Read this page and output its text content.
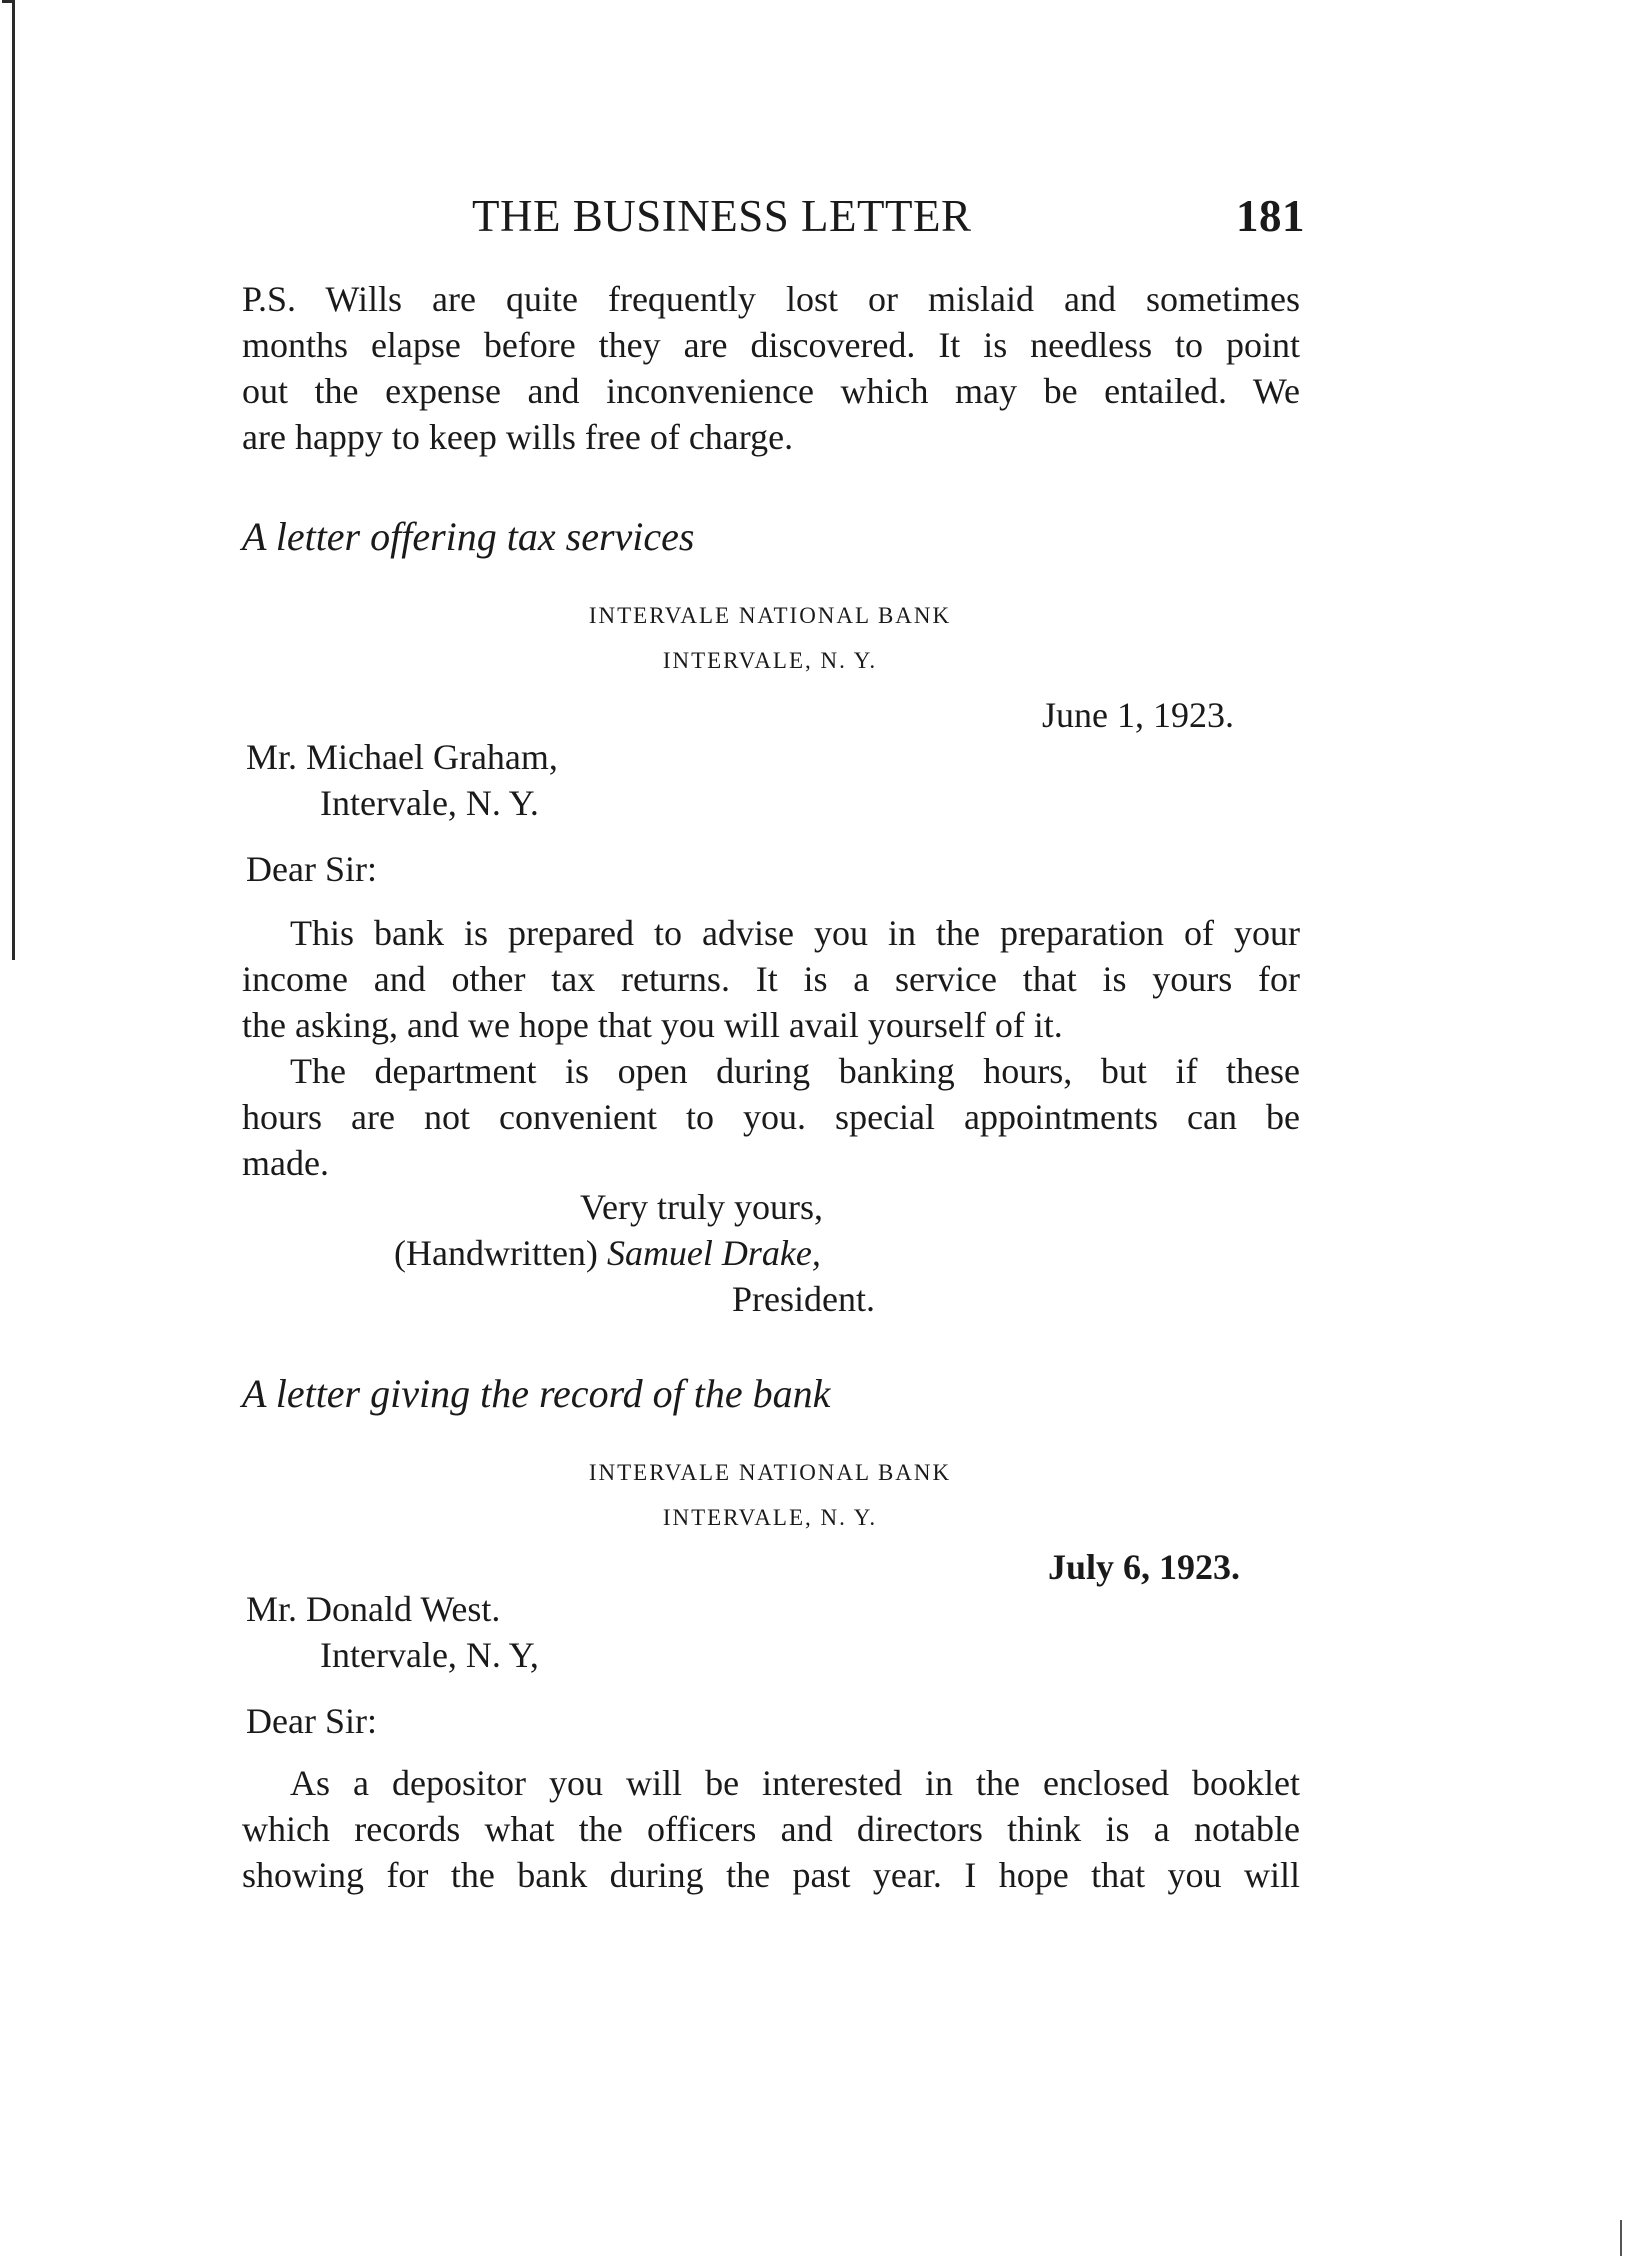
THE BUSINESS LETTER	181
P.S. Wills are quite frequently lost or mislaid and sometimes
months elapse before they are discovered. It is needless to point
out the expense and inconvenience which may be entailed. We
are happy to keep wills free of charge.
A letter offering tax services
INTERVALE NATIONAL BANK
INTERVALE, N. Y.
June 1, 1923.
Mr. Michael Graham,
Intervale, N. Y.
Dear Sir:
This bank is prepared to advise you in the preparation of your
income and other tax returns. It is a service that is yours for
the asking, and we hope that you will avail yourself of it.
The department is open during banking hours, but if these
hours are not convenient to you. special appointments can be
made.
Very truly yours,
(Handwritten) Samuel Drake,
President.
A letter giving the record of the bank
INTERVALE NATIONAL BANK
INTERVALE, N. Y.
July 6, 1923.
Mr. Donald West.
Intervale, N. Y,
Dear Sir:
As a depositor you will be interested in the enclosed booklet
which records what the officers and directors think is a notable
showing for the bank during the past year. I hope that you will
